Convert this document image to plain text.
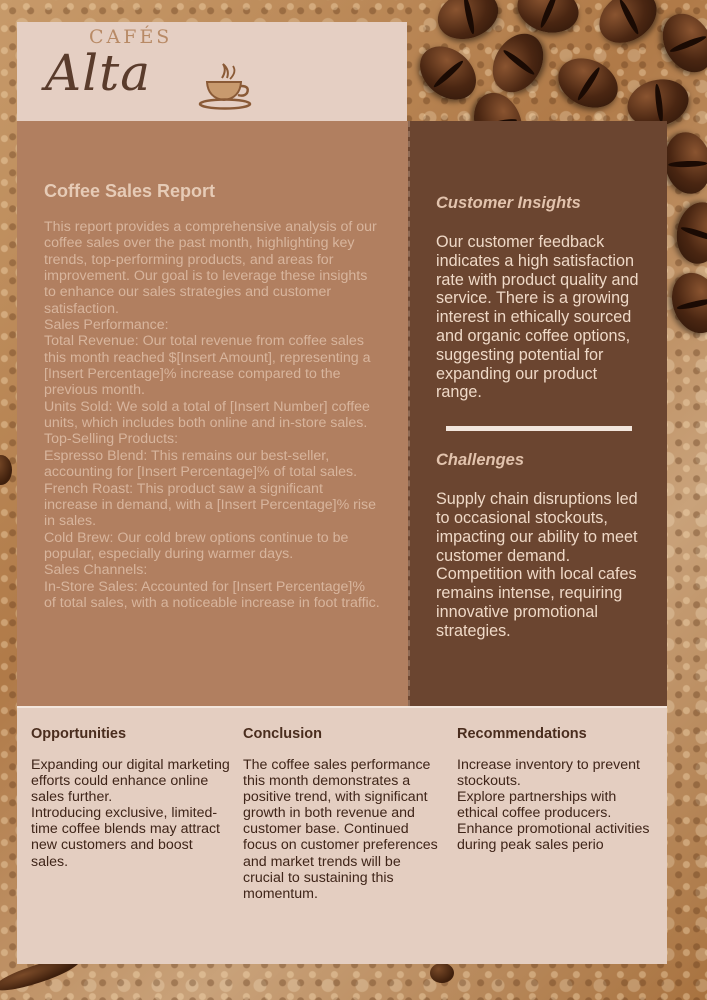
CAFÉS
Alta
Coffee Sales Report

This report provides a comprehensive analysis of our coffee sales over the past month, highlighting key trends, top-performing products, and areas for improvement. Our goal is to leverage these insights to enhance our sales strategies and customer satisfaction.

Sales Performance:

Total Revenue: Our total revenue from coffee sales this month reached $[Insert Amount], representing a [Insert Percentage]% increase compared to the previous month.

Units Sold: We sold a total of [Insert Number] coffee units, which includes both online and in-store sales.

Top-Selling Products:

Espresso Blend: This remains our best-seller, accounting for [Insert Percentage]% of total sales.

French Roast: This product saw a significant increase in demand, with a [Insert Percentage]% rise in sales.

Cold Brew: Our cold brew options continue to be popular, especially during warmer days.

Sales Channels:

In-Store Sales: Accounted for [Insert Percentage]% of total sales, with a noticeable increase in foot traffic.

Customer Insights

Our customer feedback indicates a high satisfaction rate with product quality and service. There is a growing interest in ethically sourced and organic coffee options, suggesting potential for expanding our product range.

Challenges

Supply chain disruptions led to occasional stockouts, impacting our ability to meet customer demand. Competition with local cafes remains intense, requiring innovative promotional strategies.

Opportunities

Expanding our digital marketing efforts could enhance online sales further.

Introducing exclusive, limited-time coffee blends may attract new customers and boost sales.

Conclusion

The coffee sales performance this month demonstrates a positive trend, with significant growth in both revenue and customer base. Continued focus on customer preferences and market trends will be crucial to sustaining this momentum.

Recommendations

Increase inventory to prevent stockouts.

Explore partnerships with ethical coffee producers.

Enhance promotional activities during peak sales perio
